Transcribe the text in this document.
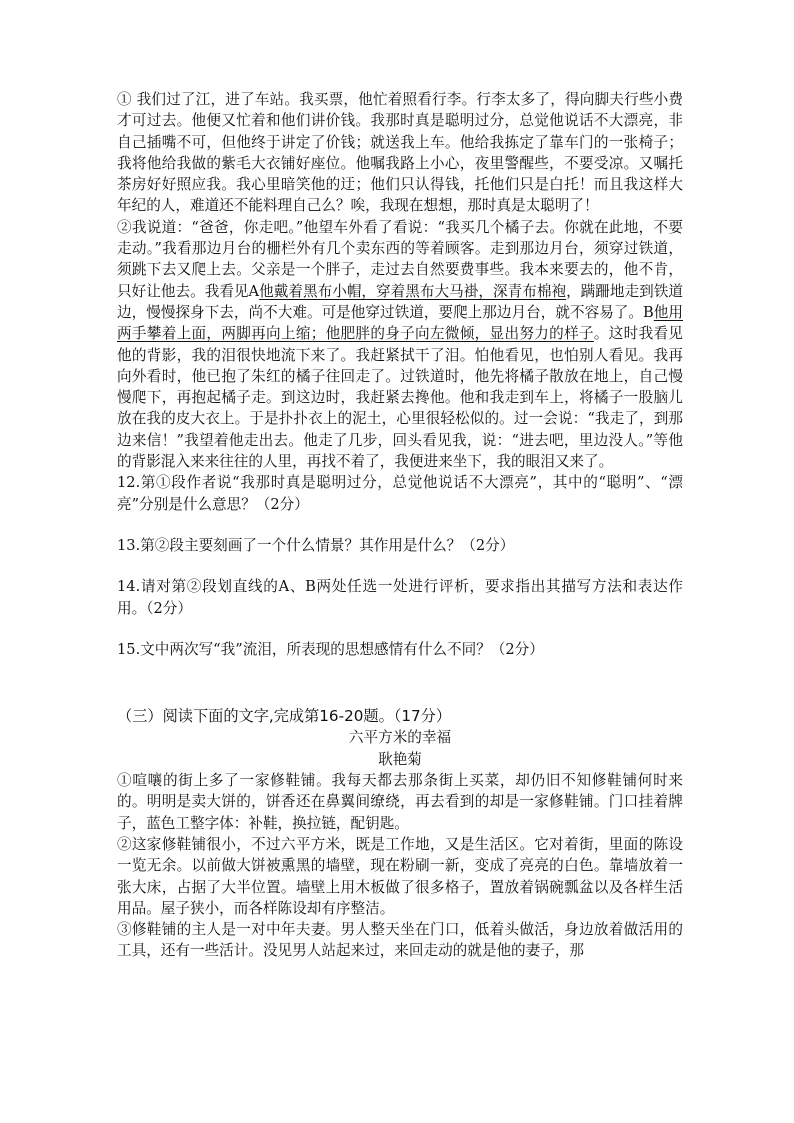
① 我们过了江，进了车站。我买票，他忙着照看行李。行李太多了，得向脚夫行些小费才可过去。他便又忙着和他们讲价钱。我那时真是聪明过分，总觉他说话不大漂亮，非自己插嘴不可，但他终于讲定了价钱；就送我上车。他给我拣定了靠车门的一张椅子；我将他给我做的紫毛大衣铺好座位。他嘱我路上小心，夜里警醒些，不要受凉。又嘱托茶房好好照应我。我心里暗笑他的迂；他们只认得钱，托他们只是白托！而且我这样大年纪的人，难道还不能料理自己么？唉，我现在想想，那时真是太聪明了！

②我说道：“爸爸，你走吧。”他望车外看了看说：“我买几个橘子去。你就在此地，不要走动。”我看那边月台的栅栏外有几个卖东西的等着顾客。走到那边月台，须穿过铁道，须跳下去又爬上去。父亲是一个胖子，走过去自然要费事些。我本来要去的，他不肯，只好让他去。我看见A他戴着黑布小帽，穿着黑布大马褂，深青布棉袍，蹒跚地走到铁道边，慢慢探身下去，尚不大难。可是他穿过铁道，要爬上那边月台，就不容易了。B他用两手攀着上面，两脚再向上缩；他肥胖的身子向左微倾，显出努力的样子。这时我看见他的背影，我的泪很快地流下来了。我赶紧拭干了泪。怕他看见，也怕别人看见。我再向外看时，他已抱了朱红的橘子往回走了。过铁道时，他先将橘子散放在地上，自己慢慢爬下，再抱起橘子走。到这边时，我赶紧去搀他。他和我走到车上，将橘子一股脑儿放在我的皮大衣上。于是扑扑衣上的泥土，心里很轻松似的。过一会说：“我走了，到那边来信！”我望着他走出去。他走了几步，回头看见我，说：“进去吧，里边没人。”等他的背影混入来来往往的人里，再找不着了，我便进来坐下，我的眼泪又来了。

12.第①段作者说“我那时真是聪明过分，总觉他说话不大漂亮”，其中的“聪明”、“漂亮”分别是什么意思？（2分）

13.第②段主要刻画了一个什么情景？其作用是什么？（2分）

14.请对第②段划直线的A、B两处任选一处进行评析，要求指出其描写方法和表达作用。（2分）

15.文中两次写“我”流泪，所表现的思想感情有什么不同？（2分）

（三）阅读下面的文字,完成第16-20题。（17分）

六平方米的幸福

耿艳菊

①喧嚷的街上多了一家修鞋铺。我每天都去那条街上买菜，却仍旧不知修鞋铺何时来的。明明是卖大饼的，饼香还在鼻翼间缭绕，再去看到的却是一家修鞋铺。门口挂着牌子，蓝色工整字体：补鞋，换拉链，配钥匙。

②这家修鞋铺很小，不过六平方米，既是工作地，又是生活区。它对着街，里面的陈设一览无余。以前做大饼被熏黑的墙壁，现在粉刷一新，变成了亮亮的白色。靠墙放着一张大床，占据了大半位置。墙壁上用木板做了很多格子，置放着锅碗瓢盆以及各样生活用品。屋子狭小，而各样陈设却有序整洁。

③修鞋铺的主人是一对中年夫妻。男人整天坐在门口，低着头做活，身边放着做活用的工具，还有一些活计。没见男人站起来过，来回走动的就是他的妻子，那
